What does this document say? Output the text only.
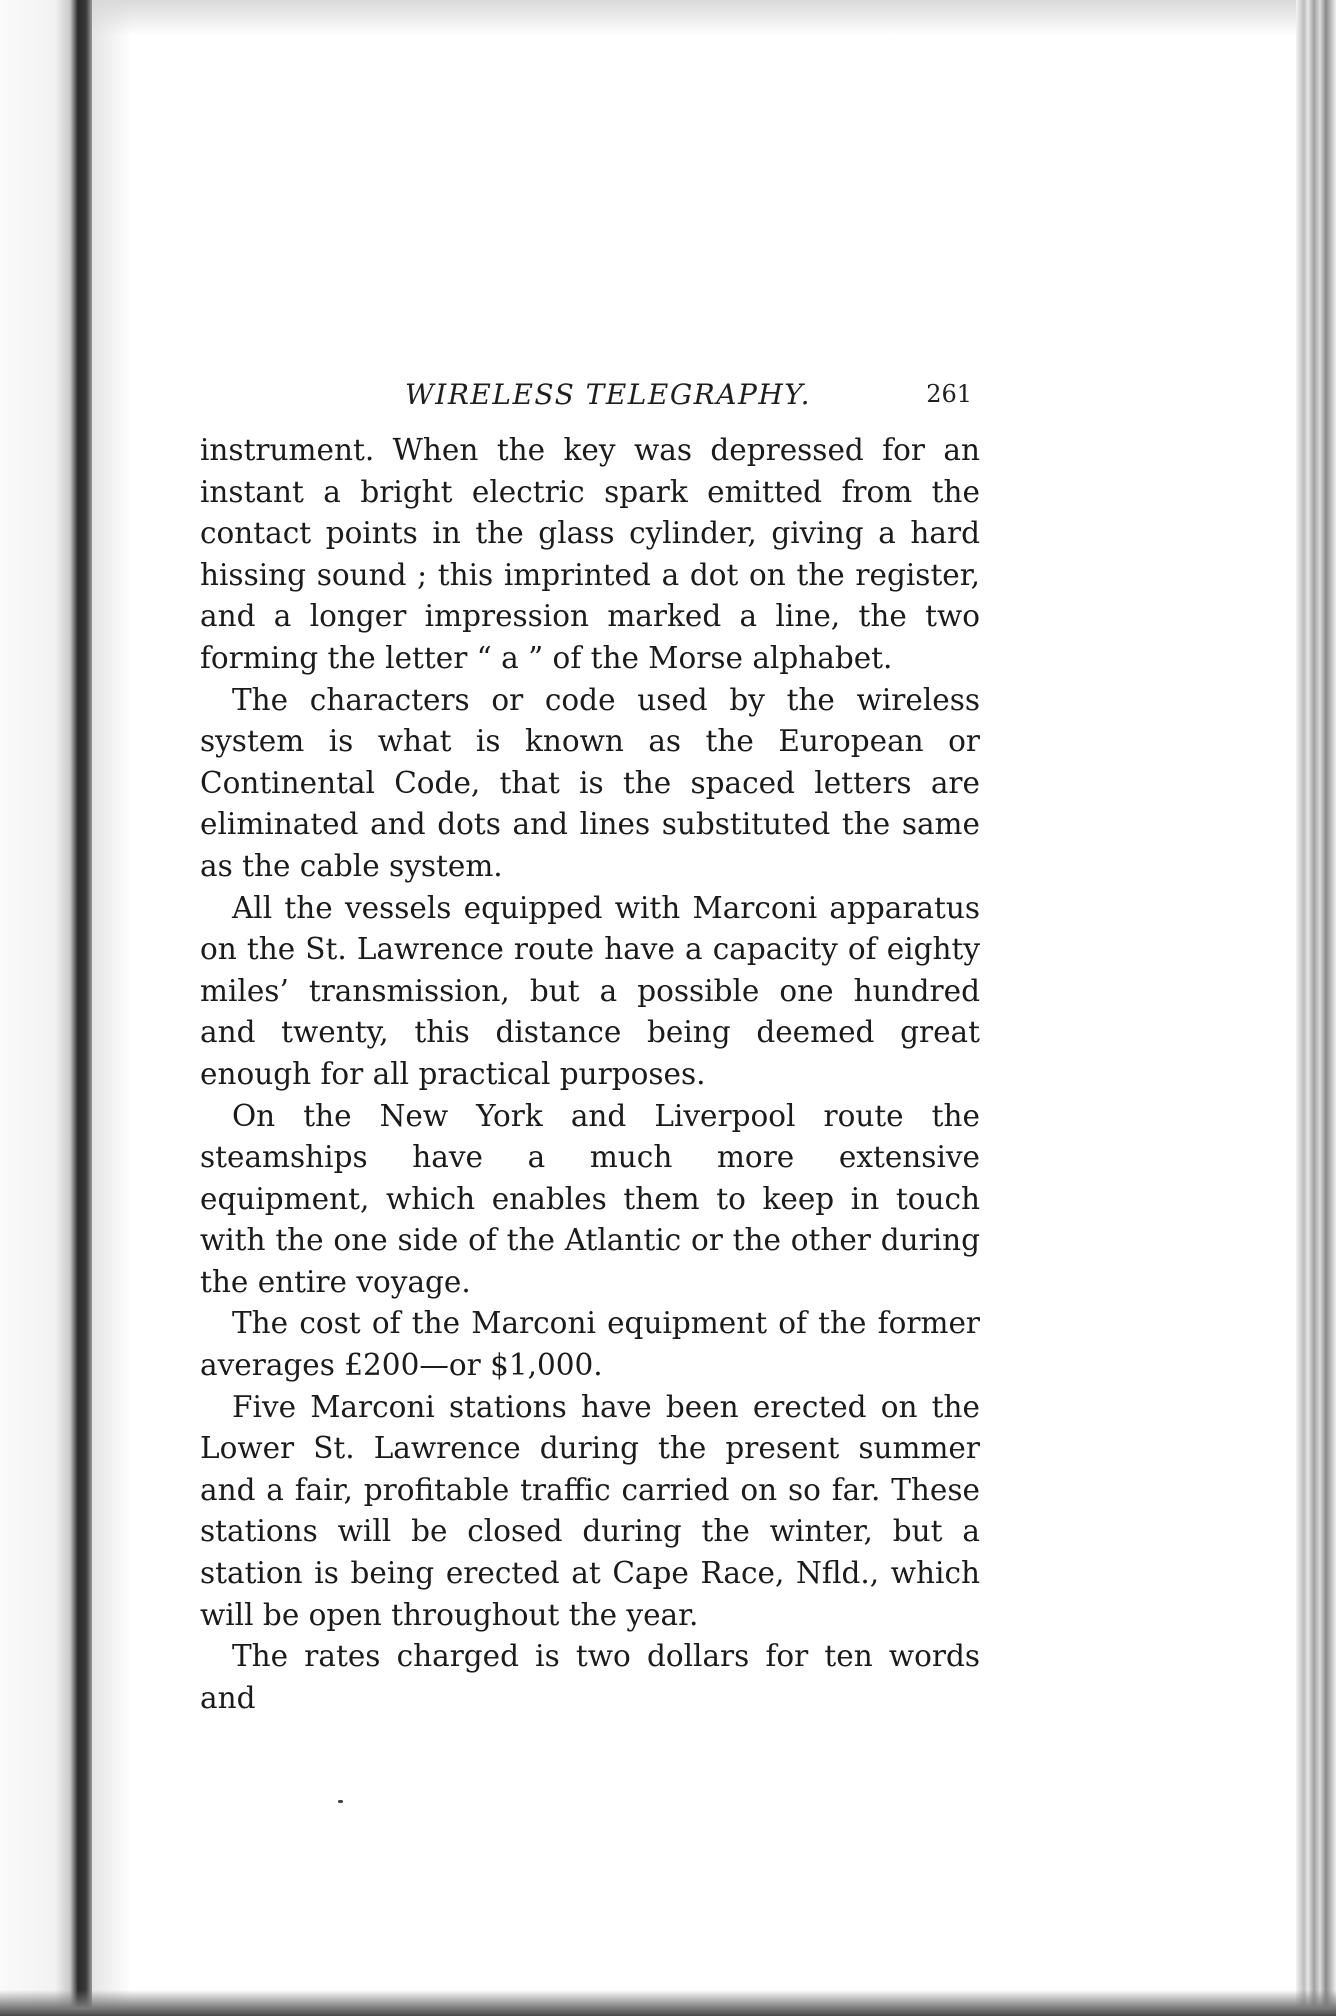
WIRELESS TELEGRAPHY.	261

instrument. When the key was depressed for an instant a bright electric spark emitted from the contact points in the glass cylinder, giving a hard hissing sound ; this imprinted a dot on the register, and a longer impression marked a line, the two forming the letter “ a ” of the Morse alphabet.

The characters or code used by the wireless system is what is known as the European or Continental Code, that is the spaced letters are eliminated and dots and lines substituted the same as the cable system.

All the vessels equipped with Marconi apparatus on the St. Lawrence route have a capacity of eighty miles’ transmission, but a possible one hundred and twenty, this distance being deemed great enough for all practical purposes.

On the New York and Liverpool route the steamships have a much more extensive equipment, which enables them to keep in touch with the one side of the Atlantic or the other during the entire voyage.

The cost of the Marconi equipment of the former averages £200—or $1,000.

Five Marconi stations have been erected on the Lower St. Lawrence during the present summer and a fair, profitable traffic carried on so far. These stations will be closed during the winter, but a station is being erected at Cape Race, Nfld., which will be open throughout the year.

The rates charged is two dollars for ten words and
